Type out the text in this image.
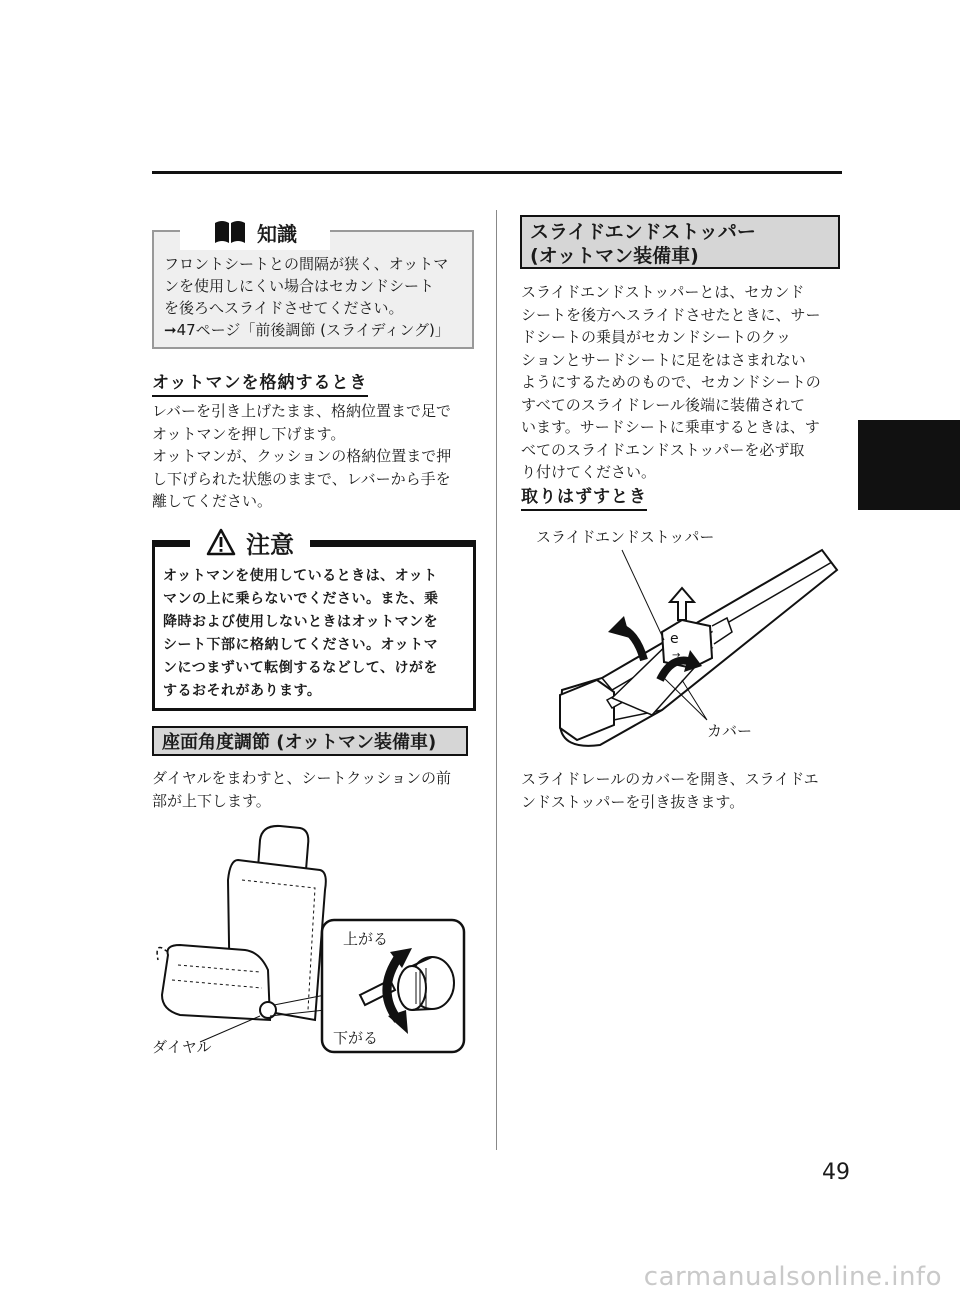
知識
フロントシートとの間隔が狭く、オットマ
ンを使用しにくい場合はセカンドシート
を後ろへスライドさせてください。
➞47ページ「前後調節 (スライディング)」
オットマンを格納するとき
レバーを引き上げたまま、格納位置まで足で
オットマンを押し下げます。
オットマンが、クッションの格納位置まで押
し下げられた状態のままで、レバーから手を
離してください。
注意
オットマンを使用しているときは、オット
マンの上に乗らないでください。また、乗
降時および使用しないときはオットマンを
シート下部に格納してください。オットマ
ンにつまずいて転倒するなどして、けがを
するおそれがあります。
座面角度調節 (オットマン装備車)
ダイヤルをまわすと、シートクッションの前
部が上下します。
上がる
下がる
ダイヤル
スライドエンドストッパー
(オットマン装備車)
スライドエンドストッパーとは、セカンド
シートを後方へスライドさせたときに、サー
ドシートの乗員がセカンドシートのクッ
ションとサードシートに足をはさまれない
ようにするためのもので、セカンドシートの
すべてのスライドレール後端に装備されて
います。サードシートに乗車するときは、す
べてのスライドエンドストッパーを必ず取
り付けてください。
取りはずすとき
スライドエンドストッパー
e
→
カバー
スライドレールのカバーを開き、スライドエ
ンドストッパーを引き抜きます。
49
carmanualsonline.info
